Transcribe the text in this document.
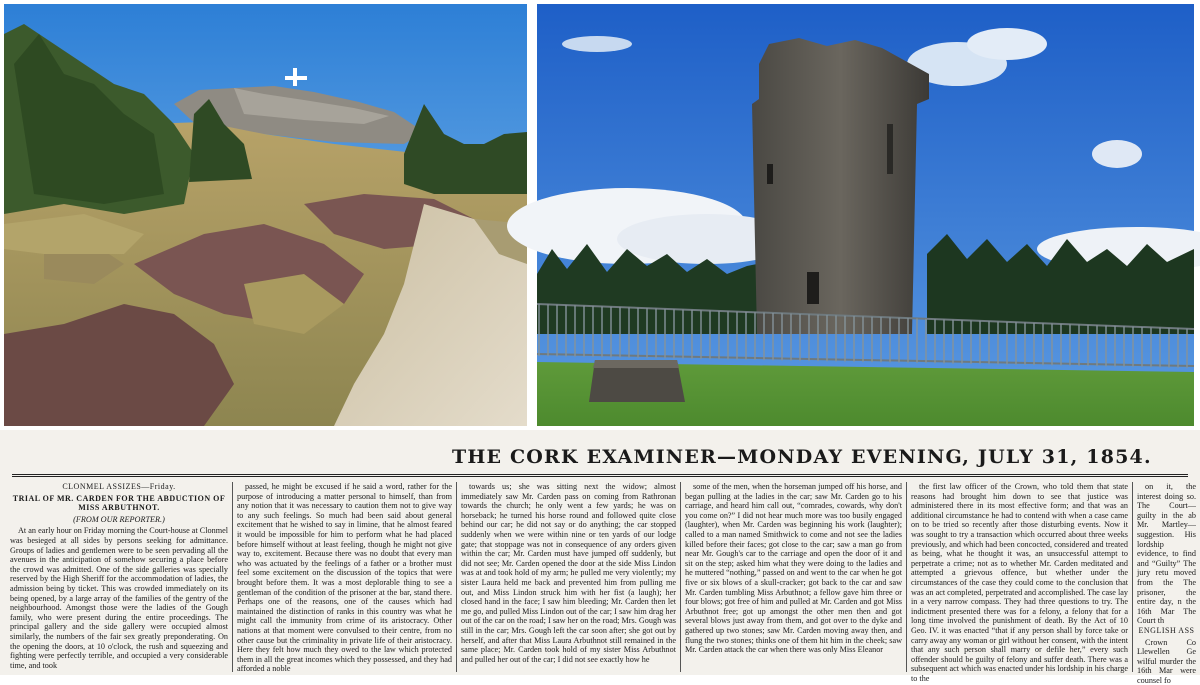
THE CORK EXAMINER—MONDAY EVENING, JULY 31, 1854.

CLONMEL ASSIZES—Friday.

TRIAL OF MR. CARDEN FOR THE ABDUCTION OF MISS ARBUTHNOT.

(FROM OUR REPORTER.)

At an early hour on Friday morning the Court-house at Clonmel was besieged at all sides by persons seeking for admittance. Groups of ladies and gentlemen were to be seen pervading all the avenues in the anticipation of somehow securing a place before the crowd was admitted. One of the side galleries was specially reserved by the High Sheriff for the accommodation of ladies, the admission being by ticket. This was crowded immediately on its being opened, by a large array of the families of the gentry of the neighbourhood. Amongst those were the ladies of the Gough family, who were present during the entire proceedings. The principal gallery and the side gallery were occupied almost similarly, the numbers of the fair sex greatly preponderating. On the opening the doors, at 10 o'clock, the rush and squeezing and fighting were perfectly terrible, and occupied a very considerable time, and took

passed, he might be excused if he said a word, rather for the purpose of introducing a matter personal to himself, than from any notion that it was necessary to caution them not to give way to any such feelings. So much had been said about general excitement that he wished to say in limine, that he almost feared it would be impossible for him to perform what he had placed before himself without at least feeling, though he might not give way to, excitement. Because there was no doubt that every man who was actuated by the feelings of a father or a brother must feel some excitement on the discussion of the topics that were brought before them. It was a most deplorable thing to see a gentleman of the condition of the prisoner at the bar, stand there. Perhaps one of the reasons, one of the causes which had maintained the distinction of ranks in this country was what he might call the immunity from crime of its aristocracy. Other nations at that moment were convulsed to their centre, from no other cause but the criminality in private life of their aristocracy. Here they felt how much they owed to the law which protected them in all the great incomes which they possessed, and they had afforded a noble

towards us; she was sitting next the widow; almost immediately saw Mr. Carden pass on coming from Rathronan towards the church; he only went a few yards; he was on horseback; he turned his horse round and followed quite close behind our car; he did not say or do anything; the car stopped suddenly when we were within nine or ten yards of our lodge gate; that stoppage was not in consequence of any orders given within the car; Mr. Carden must have jumped off suddenly, but did not see; Mr. Carden opened the door at the side Miss Lindon was at and took hold of my arm; he pulled me very violently; my sister Laura held me back and prevented him from pulling me out, and Miss Lindon struck him with her fist (a laugh); her closed hand in the face; I saw him bleeding; Mr. Carden then let me go, and pulled Miss Lindon out of the car; I saw him drag her out of the car on the road; I saw her on the road; Mrs. Gough was still in the car; Mrs. Gough left the car soon after; she got out by herself, and after that Miss Laura Arbuthnot still remained in the same place; Mr. Carden took hold of my sister Miss Arbuthnot and pulled her out of the car; I did not see exactly how he

some of the men, when the horseman jumped off his horse, and began pulling at the ladies in the car; saw Mr. Carden go to his carriage, and heard him call out, “comrades, cowards, why don't you come on?” I did not hear much more was too busily engaged (laughter), when Mr. Carden was beginning his work (laughter); called to a man named Smithwick to come and not see the ladies killed before their faces; got close to the car; saw a man go from near Mr. Gough's car to the carriage and open the door of it and sit on the step; asked him what they were doing to the ladies and he muttered “nothing,” passed on and went to the car when he got five or six blows of a skull-cracker; got back to the car and saw Mr. Carden tumbling Miss Arbuthnot; a fellow gave him three or four blows; got free of him and pulled at Mr. Carden and got Miss Arbuthnot free; got up amongst the other men then and got several blows just away from them, and got over to the dyke and gathered up two stones; saw Mr. Carden moving away then, and flung the two stones; thinks one of them hit him in the cheek; saw Mr. Carden attack the car when there was only Miss Eleanor

the first law officer of the Crown, who told them that state reasons had brought him down to see that justice was administered there in its most effective form; and that was an additional circumstance he had to contend with when a case came on to be tried so recently after those disturbing events. Now it was sought to try a transaction which occurred about three weeks previously, and which had been concocted, considered and treated as being, what he thought it was, an unsuccessful attempt to perpetrate a crime; not as to whether Mr. Carden meditated and attempted a grievous offence, but whether under the circumstances of the case they could come to the conclusion that was an act completed, perpetrated and accomplished. The case lay in a very narrow compass. They had three questions to try. The indictment presented there was for a felony, a felony that for a long time involved the punishment of death. By the Act of 10 Geo. IV. it was enacted “that if any person shall by force take or carry away any woman or girl without her consent, with the intent that any such person shall marry or defile her,” every such offender should be guilty of felony and suffer death. There was a subsequent act which was enacted under his lordship in his charge to the

on it, the interest doing so. The Court—guilty in the ab Mr. Martley—suggestion. His lordship evidence, to find and “Guilty” The jury retu moved from the The prisoner, the entire day, n the 16th Mar The Court th

ENGLISH ASS

Crown Co Llewellen Ge wilful murder the 16th Mar were counsel fo
